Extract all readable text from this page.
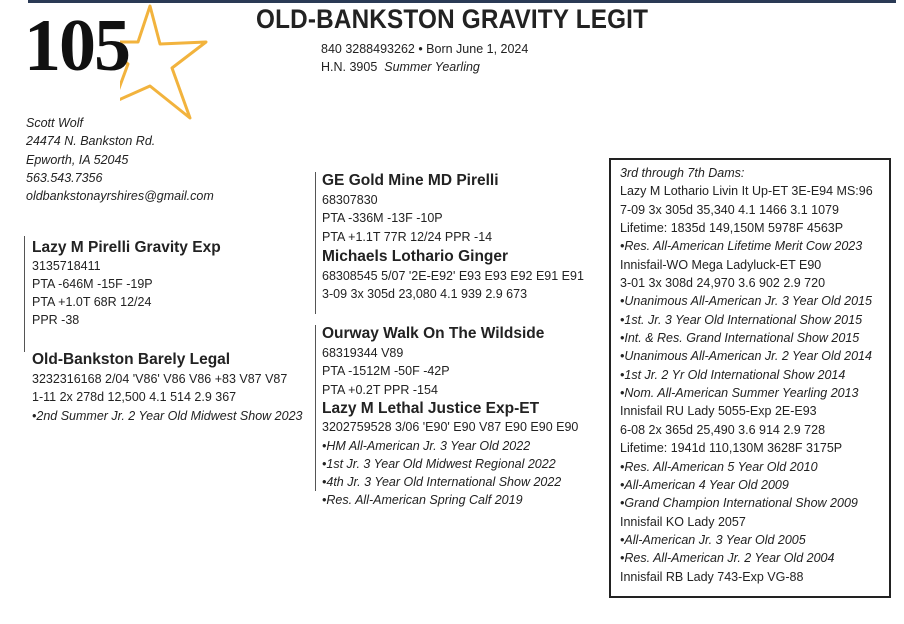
105	OLD-BANKSTON GRAVITY LEGIT
840 3288493262 • Born June 1, 2024
H.N. 3905 Summer Yearling
Scott Wolf
24474 N. Bankston Rd.
Epworth, IA 52045
563.543.7356
oldbankstonayrshires@gmail.com
Lazy M Pirelli Gravity Exp
3135718411
PTA -646M -15F -19P
PTA +1.0T 68R 12/24
PPR -38
Old-Bankston Barely Legal
3232316168 2/04 'V86' V86 V86 +83 V87 V87
1-11 2x 278d 12,500 4.1 514 2.9 367
•2nd Summer Jr. 2 Year Old Midwest Show 2023
GE Gold Mine MD Pirelli
68307830
PTA -336M -13F -10P
PTA +1.1T 77R 12/24 PPR -14
Michaels Lothario Ginger
68308545 5/07 '2E-E92' E93 E93 E92 E91 E91
3-09 3x 305d 23,080 4.1 939 2.9 673
Ourway Walk On The Wildside
68319344 V89
PTA -1512M -50F -42P
PTA +0.2T PPR -154
Lazy M Lethal Justice Exp-ET
3202759528 3/06 'E90' E90 V87 E90 E90 E90
•HM All-American Jr. 3 Year Old 2022
•1st Jr. 3 Year Old Midwest Regional 2022
•4th Jr. 3 Year Old International Show 2022
•Res. All-American Spring Calf 2019
3rd through 7th Dams:
Lazy M Lothario Livin It Up-ET 3E-E94 MS:96
7-09 3x 305d 35,340 4.1 1466 3.1 1079
Lifetime: 1835d 149,150M 5978F 4563P
•Res. All-American Lifetime Merit Cow 2023
Innisfail-WO Mega Ladyluck-ET E90
3-01 3x 308d 24,970 3.6 902 2.9 720
•Unanimous All-American Jr. 3 Year Old 2015
•1st. Jr. 3 Year Old International Show 2015
•Int. & Res. Grand International Show 2015
•Unanimous All-American Jr. 2 Year Old 2014
•1st Jr. 2 Yr Old International Show 2014
•Nom. All-American Summer Yearling 2013
Innisfail RU Lady 5055-Exp 2E-E93
6-08 2x 365d 25,490 3.6 914 2.9 728
Lifetime: 1941d 110,130M 3628F 3175P
•Res. All-American 5 Year Old 2010
•All-American 4 Year Old 2009
•Grand Champion International Show 2009
Innisfail KO Lady 2057
•All-American Jr. 3 Year Old 2005
•Res. All-American Jr. 2 Year Old 2004
Innisfail RB Lady 743-Exp VG-88
